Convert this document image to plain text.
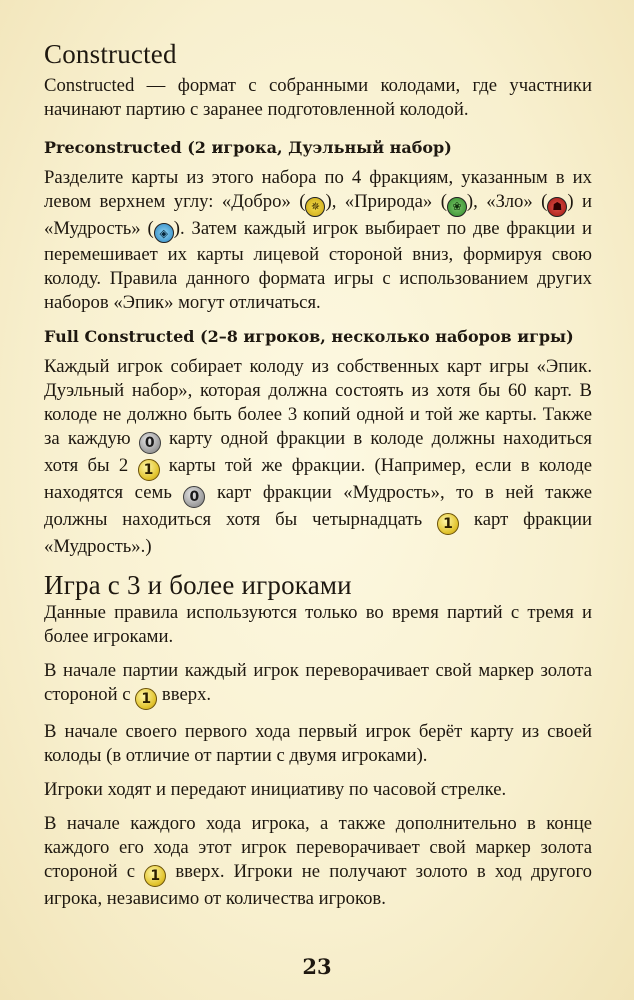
Constructed

Constructed — формат с собранными колодами, где участники начинают партию с заранее подготовленной колодой.

Preconstructed (2 игрока, Дуэльный набор)

Разделите карты из этого набора по 4 фракциям, указанным в их левом верхнем углу: «Добро» ( ✵ ), «Природа» ( ❀ ), «Зло» ( ☗ ) и «Мудрость» ( ◈ ). Затем каждый игрок выбирает по две фракции и перемешивает их карты лицевой стороной вниз, формируя свою колоду. Правила данного формата игры с использованием других наборов «Эпик» могут отличаться.

Full Constructed (2–8 игроков, несколько наборов игры)

Каждый игрок собирает колоду из собственных карт игры «Эпик. Дуэльный набор», которая должна состоять из хотя бы 60 карт. В колоде не должно быть более 3 копий одной и той же карты. Также за каждую 0 карту одной фракции в колоде должны находиться хотя бы 2 1 карты той же фракции. (Например, если в колоде находятся семь 0 карт фракции «Мудрость», то в ней также должны находиться хотя бы четырнадцать 1 карт фракции «Мудрость».)

Игра с 3 и более игроками

Данные правила используются только во время партий с тремя и более игроками.

В начале партии каждый игрок переворачивает свой маркер золота стороной с 1 вверх.

В начале своего первого хода первый игрок берёт карту из своей колоды (в отличие от партии с двумя игроками).

Игроки ходят и передают инициативу по часовой стрелке.

В начале каждого хода игрока, а также дополнительно в конце каждого его хода этот игрок переворачивает свой маркер золота стороной с 1 вверх. Игроки не получают золото в ход другого игрока, независимо от количества игроков.

23
